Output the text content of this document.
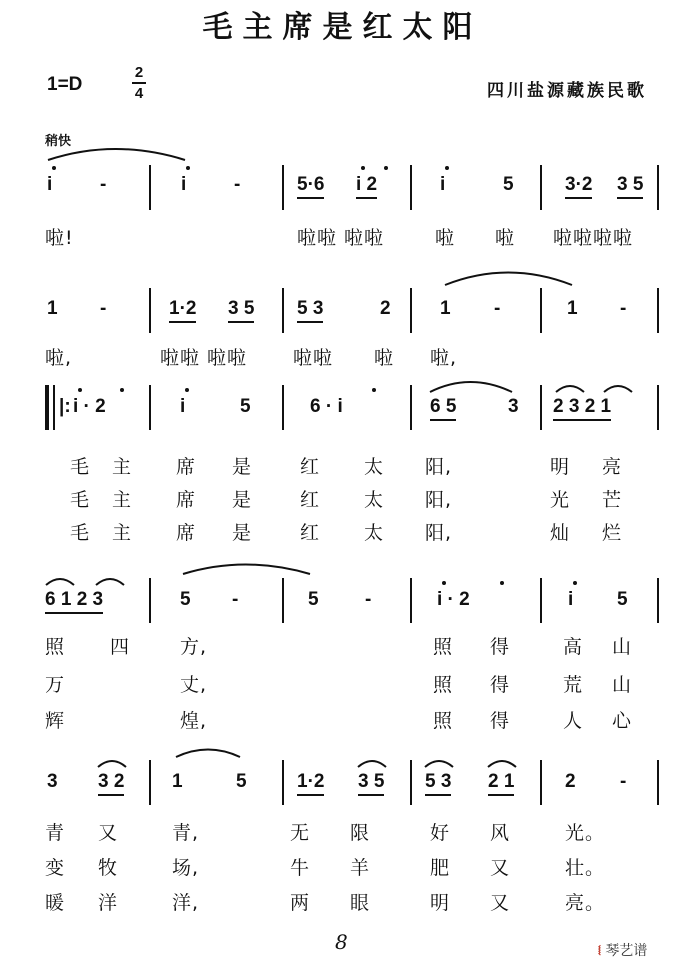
毛主席是红太阳
1=D
2
4	四川盐源藏族民歌
稍快
i	-	i	-	5·6 i 2	i	5	3·2 3 5
啦!	啦啦 啦啦	啦 啦 啦啦啦啦
1 -	1·2 3 5 5 3	2	1 -	1 -
啦,	啦啦 啦啦 啦啦 啦 啦,
|: i · 2	i	5	6 · i	6 5	3 2 3 2 1
毛 主 席 是	红 太 阳,	明 亮
毛 主 席 是	红 太 阳,	光 芒
毛 主 席 是	红 太 阳,	灿 烂
6 1 2 3	5 -	5 -	i · 2	i 5
照 四	方,	照 得	高 山
万	丈,	照 得	荒 山
辉	煌,	照 得	人 心
3 3 2	1	5	1·2 3 5 5 3 2 1	2 -
青 又	青,	无 限	好 风	光。
变 牧	场,	牛 羊	肥 又	壮。
暖 洋	洋,	两 眼	明 又	亮。
8	⧙ 琴艺谱
